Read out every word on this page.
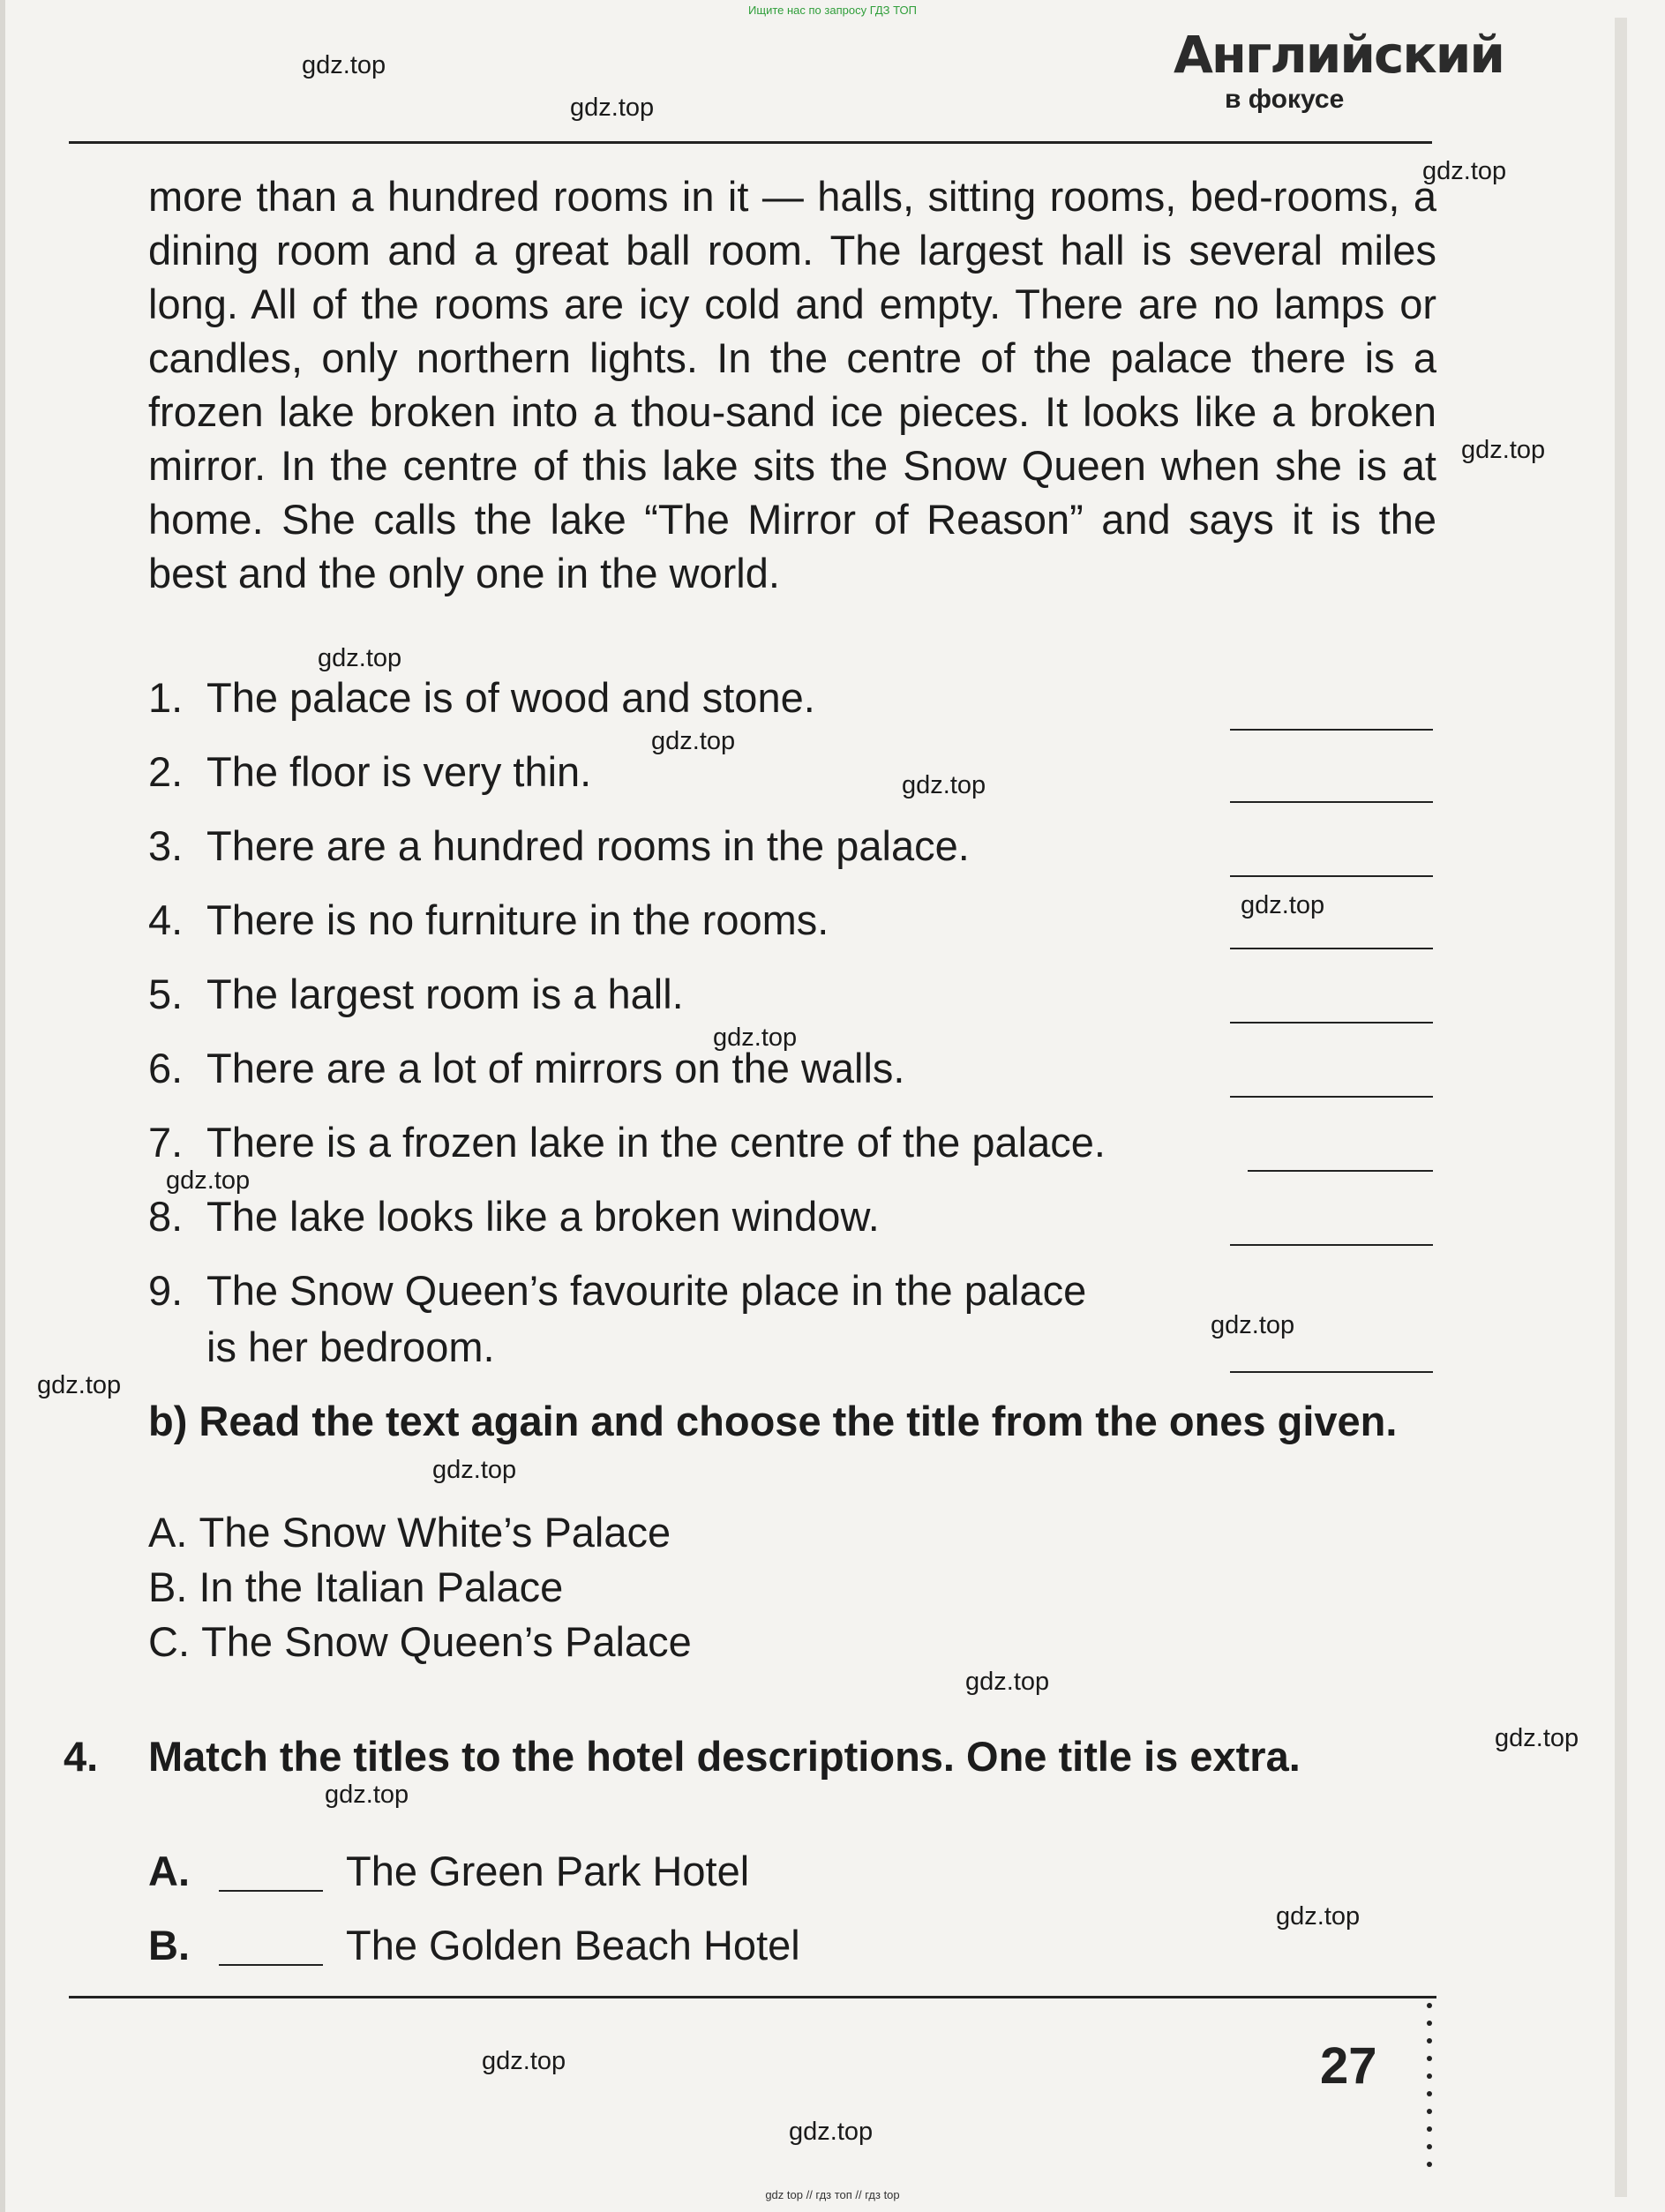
Ищите нас по запросу ГДЗ ТОП
Английский
в фокусе

more than a hundred rooms in it — halls, sitting rooms, bed-rooms, a dining room and a great ball room. The largest hall is several miles long. All of the rooms are icy cold and empty. There are no lamps or candles, only northern lights. In the centre of the palace there is a frozen lake broken into a thou-sand ice pieces. It looks like a broken mirror. In the centre of this lake sits the Snow Queen when she is at home. She calls the lake “The Mirror of Reason” and says it is the best and the only one in the world.

1. The palace is of wood and stone.
2. The floor is very thin.
3. There are a hundred rooms in the palace.
4. There is no furniture in the rooms.
5. The largest room is a hall.
6. There are a lot of mirrors on the walls.
7. There is a frozen lake in the centre of the palace.
8. The lake looks like a broken window.
9. The Snow Queen’s favourite place in the palace
is her bedroom.
b) Read the text again and choose the title from the ones given.
A. The Snow White’s Palace
B. In the Italian Palace
C. The Snow Queen’s Palace
4. Match the titles to the hotel descriptions. One title is extra.
A.	The Green Park Hotel
B.	The Golden Beach Hotel
27
gdz.top
gdz.top
gdz.top
gdz.top
gdz.top
gdz.top
gdz.top
gdz.top
gdz.top
gdz.top
gdz.top
gdz.top
gdz.top
gdz.top
gdz.top
gdz.top
gdz.top
gdz.top
gdz.top
gdz top // гдз топ // гдз top
